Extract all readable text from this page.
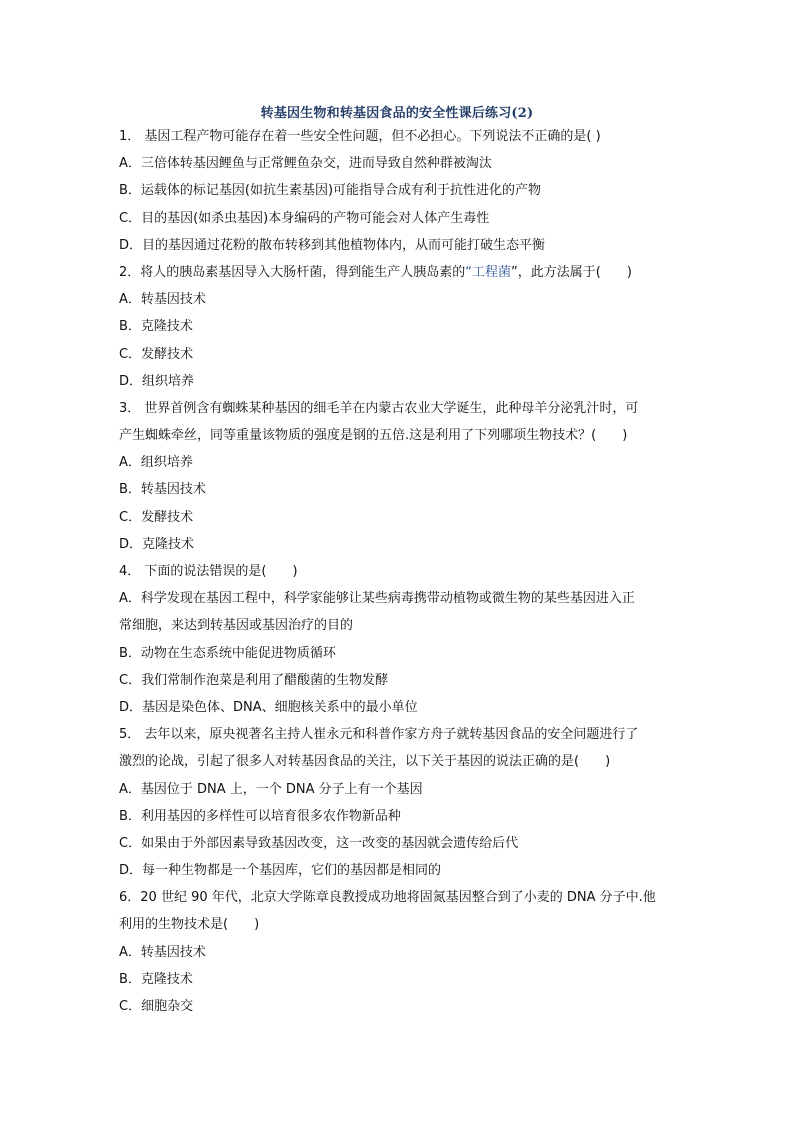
转基因生物和转基因食品的安全性课后练习(2)
1． 基因工程产物可能存在着一些安全性问题，但不必担心。下列说法不正确的是( )
A．三倍体转基因鲤鱼与正常鲤鱼杂交，进而导致自然种群被淘汰
B．运载体的标记基因(如抗生素基因)可能指导合成有利于抗性进化的产物
C．目的基因(如杀虫基因)本身编码的产物可能会对人体产生毒性
D．目的基因通过花粉的散布转移到其他植物体内，从而可能打破生态平衡
2．将人的胰岛素基因导入大肠杆菌，得到能生产人胰岛素的“工程菌”，此方法属于(　　)
A．转基因技术
B．克隆技术
C．发酵技术
D．组织培养
3． 世界首例含有蜘蛛某种基因的细毛羊在内蒙古农业大学诞生，此种母羊分泌乳汁时，可
产生蜘蛛牵丝，同等重量该物质的强度是钢的五倍.这是利用了下列哪项生物技术？(　　)
A．组织培养
B．转基因技术
C．发酵技术
D．克隆技术
4． 下面的说法错误的是(　　)
A．科学发现在基因工程中，科学家能够让某些病毒携带动植物或微生物的某些基因进入正
常细胞，来达到转基因或基因治疗的目的
B．动物在生态系统中能促进物质循环
C．我们常制作泡菜是利用了醋酸菌的生物发酵
D．基因是染色体、DNA、细胞核关系中的最小单位
5． 去年以来，原央视著名主持人崔永元和科普作家方舟子就转基因食品的安全问题进行了
激烈的论战，引起了很多人对转基因食品的关注，以下关于基因的说法正确的是(　　)
A．基因位于 DNA 上，一个 DNA 分子上有一个基因
B．利用基因的多样性可以培育很多农作物新品种
C．如果由于外部因素导致基因改变，这一改变的基因就会遗传给后代
D．每一种生物都是一个基因库，它们的基因都是相同的
6．20 世纪 90 年代，北京大学陈章良教授成功地将固氮基因整合到了小麦的 DNA 分子中.他
利用的生物技术是(　　)
A．转基因技术
B．克隆技术
C．细胞杂交
